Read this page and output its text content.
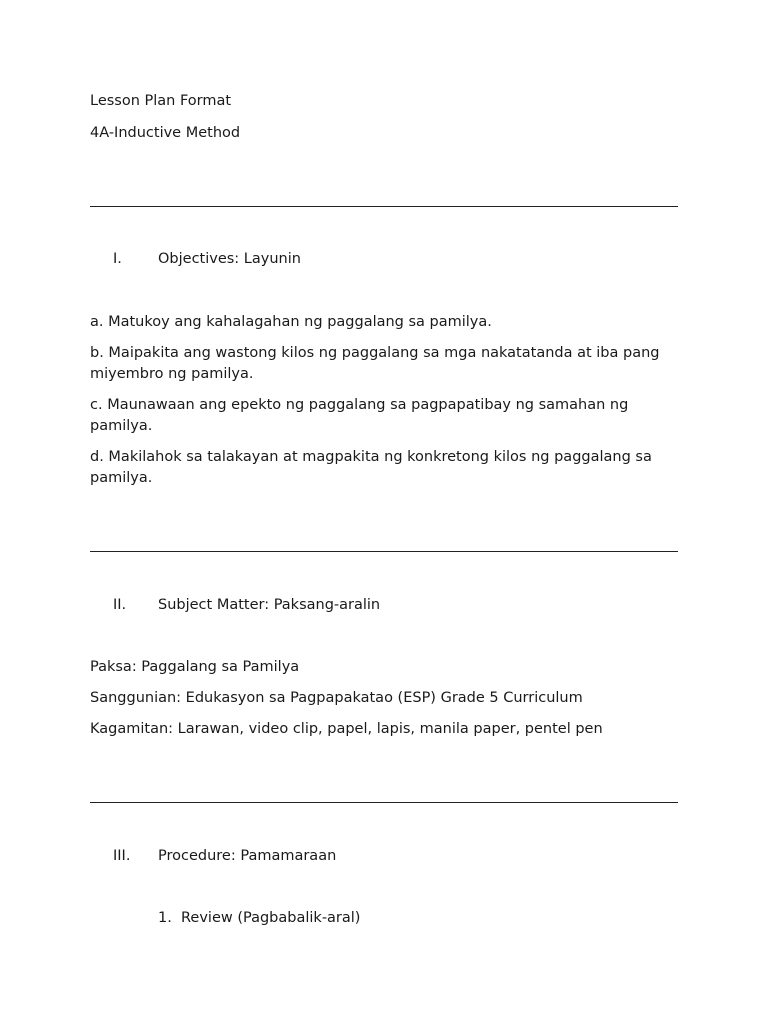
Lesson Plan Format
4A-Inductive Method
I. Objectives: Layunin
a. Matukoy ang kahalagahan ng paggalang sa pamilya.
b. Maipakita ang wastong kilos ng paggalang sa mga nakatatanda at iba pang miyembro ng pamilya.
c. Maunawaan ang epekto ng paggalang sa pagpapatibay ng samahan ng pamilya.
d. Makilahok sa talakayan at magpakita ng konkretong kilos ng paggalang sa pamilya.
II. Subject Matter: Paksang-aralin
Paksa: Paggalang sa Pamilya
Sanggunian: Edukasyon sa Pagpapakatao (ESP) Grade 5 Curriculum
Kagamitan: Larawan, video clip, papel, lapis, manila paper, pentel pen
III. Procedure: Pamamaraan
1. Review (Pagbabalik-aral)
